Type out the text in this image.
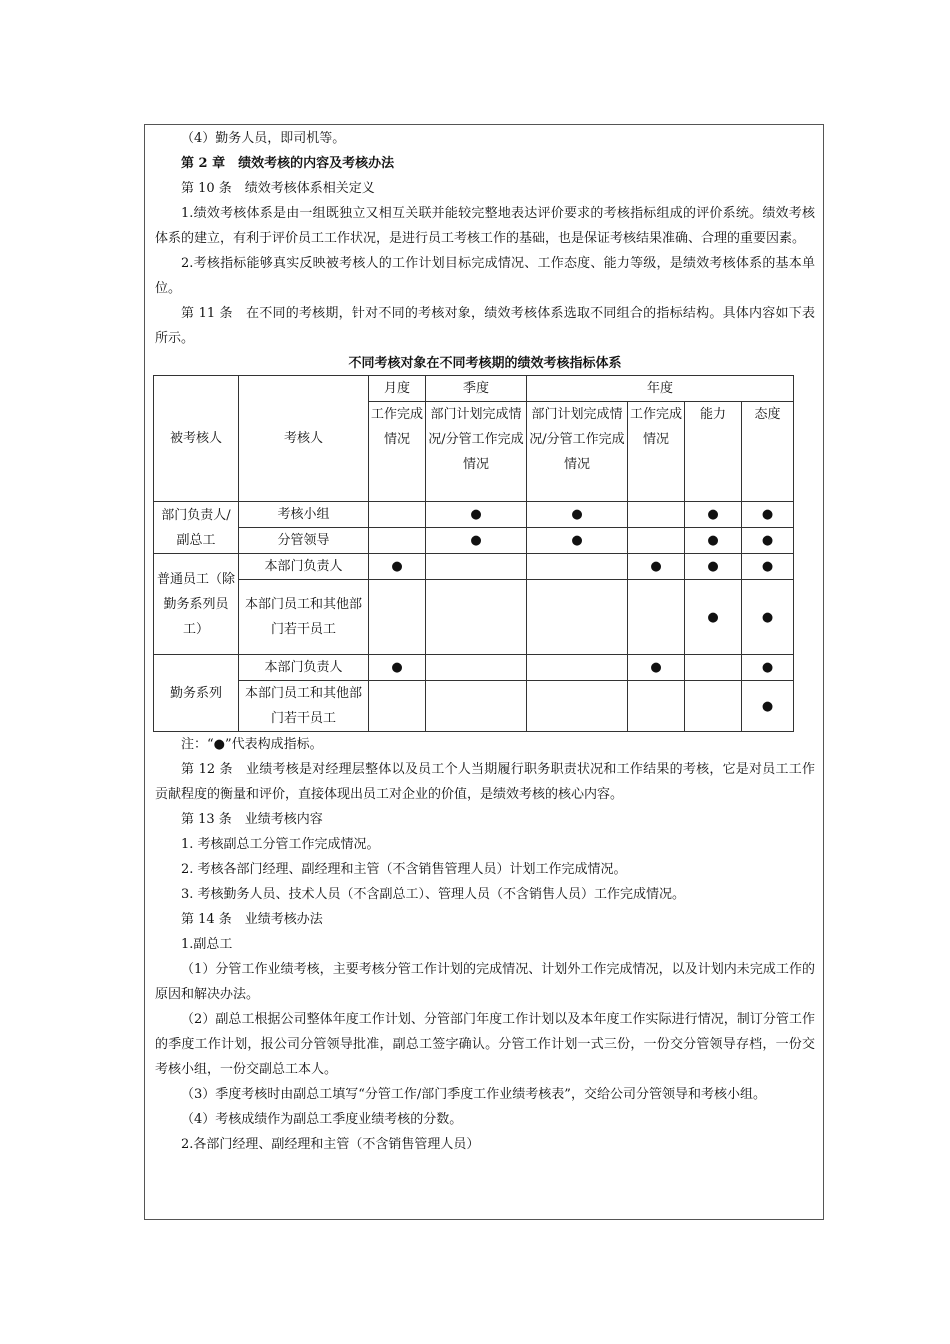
（4）勤务人员，即司机等。

第 2 章　绩效考核的内容及考核办法

第 10 条　绩效考核体系相关定义

1.绩效考核体系是由一组既独立又相互关联并能较完整地表达评价要求的考核指标组成的评价系统。绩效考核体系的建立，有利于评价员工工作状况，是进行员工考核工作的基础，也是保证考核结果准确、合理的重要因素。

2.考核指标能够真实反映被考核人的工作计划目标完成情况、工作态度、能力等级，是绩效考核体系的基本单位。

第 11 条　在不同的考核期，针对不同的考核对象，绩效考核体系选取不同组合的指标结构。具体内容如下表所示。

不同考核对象在不同考核期的绩效考核指标体系
被考核人	考核人	月度	季度	年度			
		工作完成情况	部门计划完成情况/分管工作完成情况	部门计划完成情况/分管工作完成情况	工作完成情况	能力	态度
部门负责人/副总工	考核小组		●	●		●	●
	分管领导		●	●		●	●
普通员工（除勤务系列员工）	本部门负责人	●			●	●	●
	本部门员工和其他部门若干员工					●	●
勤务系列	本部门负责人	●			●		●
	本部门员工和其他部门若干员工						●

注：“●”代表构成指标。

第 12 条　业绩考核是对经理层整体以及员工个人当期履行职务职责状况和工作结果的考核，它是对员工工作贡献程度的衡量和评价，直接体现出员工对企业的价值，是绩效考核的核心内容。

第 13 条　业绩考核内容

1. 考核副总工分管工作完成情况。

2. 考核各部门经理、副经理和主管（不含销售管理人员）计划工作完成情况。

3. 考核勤务人员、技术人员（不含副总工）、管理人员（不含销售人员）工作完成情况。

第 14 条　业绩考核办法

1.副总工

（1）分管工作业绩考核，主要考核分管工作计划的完成情况、计划外工作完成情况，以及计划内未完成工作的原因和解决办法。

（2）副总工根据公司整体年度工作计划、分管部门年度工作计划以及本年度工作实际进行情况，制订分管工作的季度工作计划，报公司分管领导批准，副总工签字确认。分管工作计划一式三份，一份交分管领导存档，一份交考核小组，一份交副总工本人。

（3）季度考核时由副总工填写“分管工作/部门季度工作业绩考核表”，交给公司分管领导和考核小组。

（4）考核成绩作为副总工季度业绩考核的分数。

2.各部门经理、副经理和主管（不含销售管理人员）
